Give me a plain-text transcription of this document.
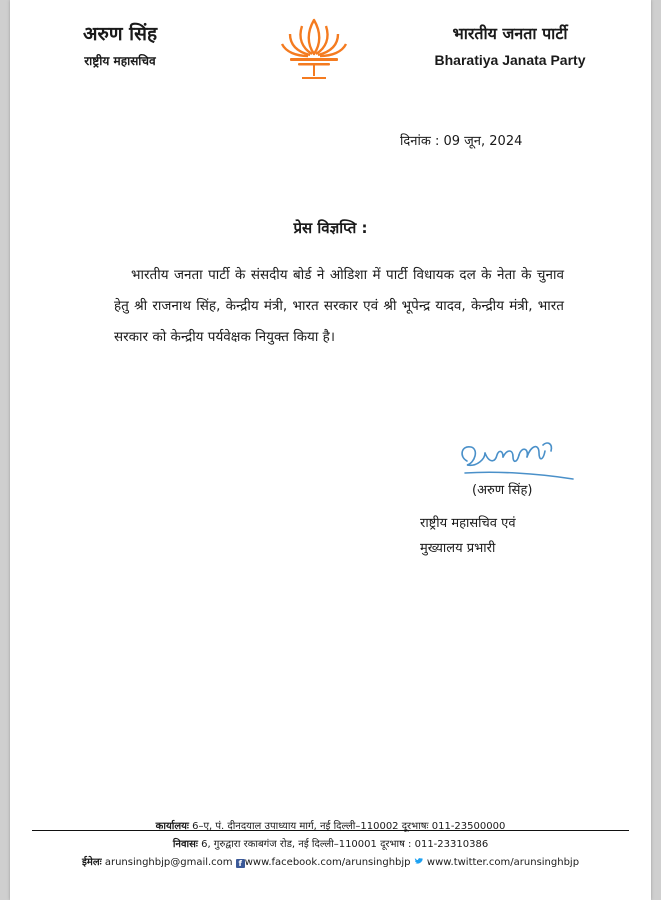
अरुण सिंह
राष्ट्रीय महासचिव
भारतीय जनता पार्टी
Bharatiya Janata Party
दिनांक : 09 जून, 2024
प्रेस विज्ञप्ति :
भारतीय जनता पार्टी के संसदीय बोर्ड ने ओडिशा में पार्टी विधायक दल के नेता के चुनाव हेतु श्री राजनाथ सिंह, केन्द्रीय मंत्री, भारत सरकार एवं श्री भूपेन्द्र यादव, केन्द्रीय मंत्री, भारत सरकार को केन्द्रीय पर्यवेक्षक नियुक्त किया है।
(अरुण सिंह)
राष्ट्रीय महासचिव एवं
मुख्यालय प्रभारी
कार्यालयः 6–ए, पं. दीनदयाल उपाध्याय मार्ग, नई दिल्ली–110002 दूरभाषः 011-23500000
निवासः 6, गुरुद्वारा रकाबगंज रोड, नई दिल्ली–110001 दूरभाष : 011-23310386
ईमेलः arunsinghbjp@gmail.com f www.facebook.com/arunsinghbjp www.twitter.com/arunsinghbjp
